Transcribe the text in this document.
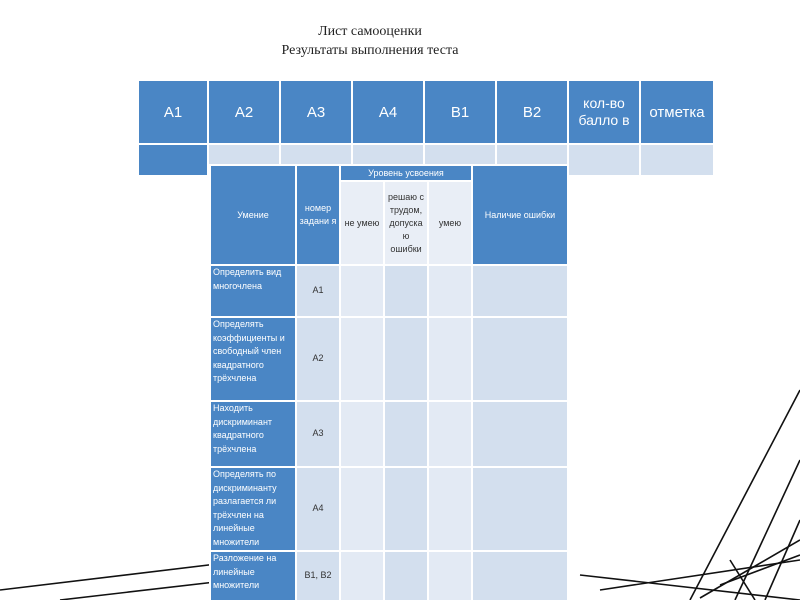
Лист самооценки
Результаты выполнения теста
А1	А2	А3	А4	В1	В2	кол-во балло в	отметка

Умение	номер задани я	Уровень усвоения			Наличие ошибки
		не умею	решаю с трудом, допуска ю ошибки	умею	
Определить вид многочлена	А1				
Определять коэффициенты и свободный член квадратного трёхчлена	А2				
Находить дискриминант квадратного трёхчлена	А3				
Определять по дискриминанту разлагается ли трёхчлен на линейные множители	А4				
Разложение на линейные множители	В1, В2				
